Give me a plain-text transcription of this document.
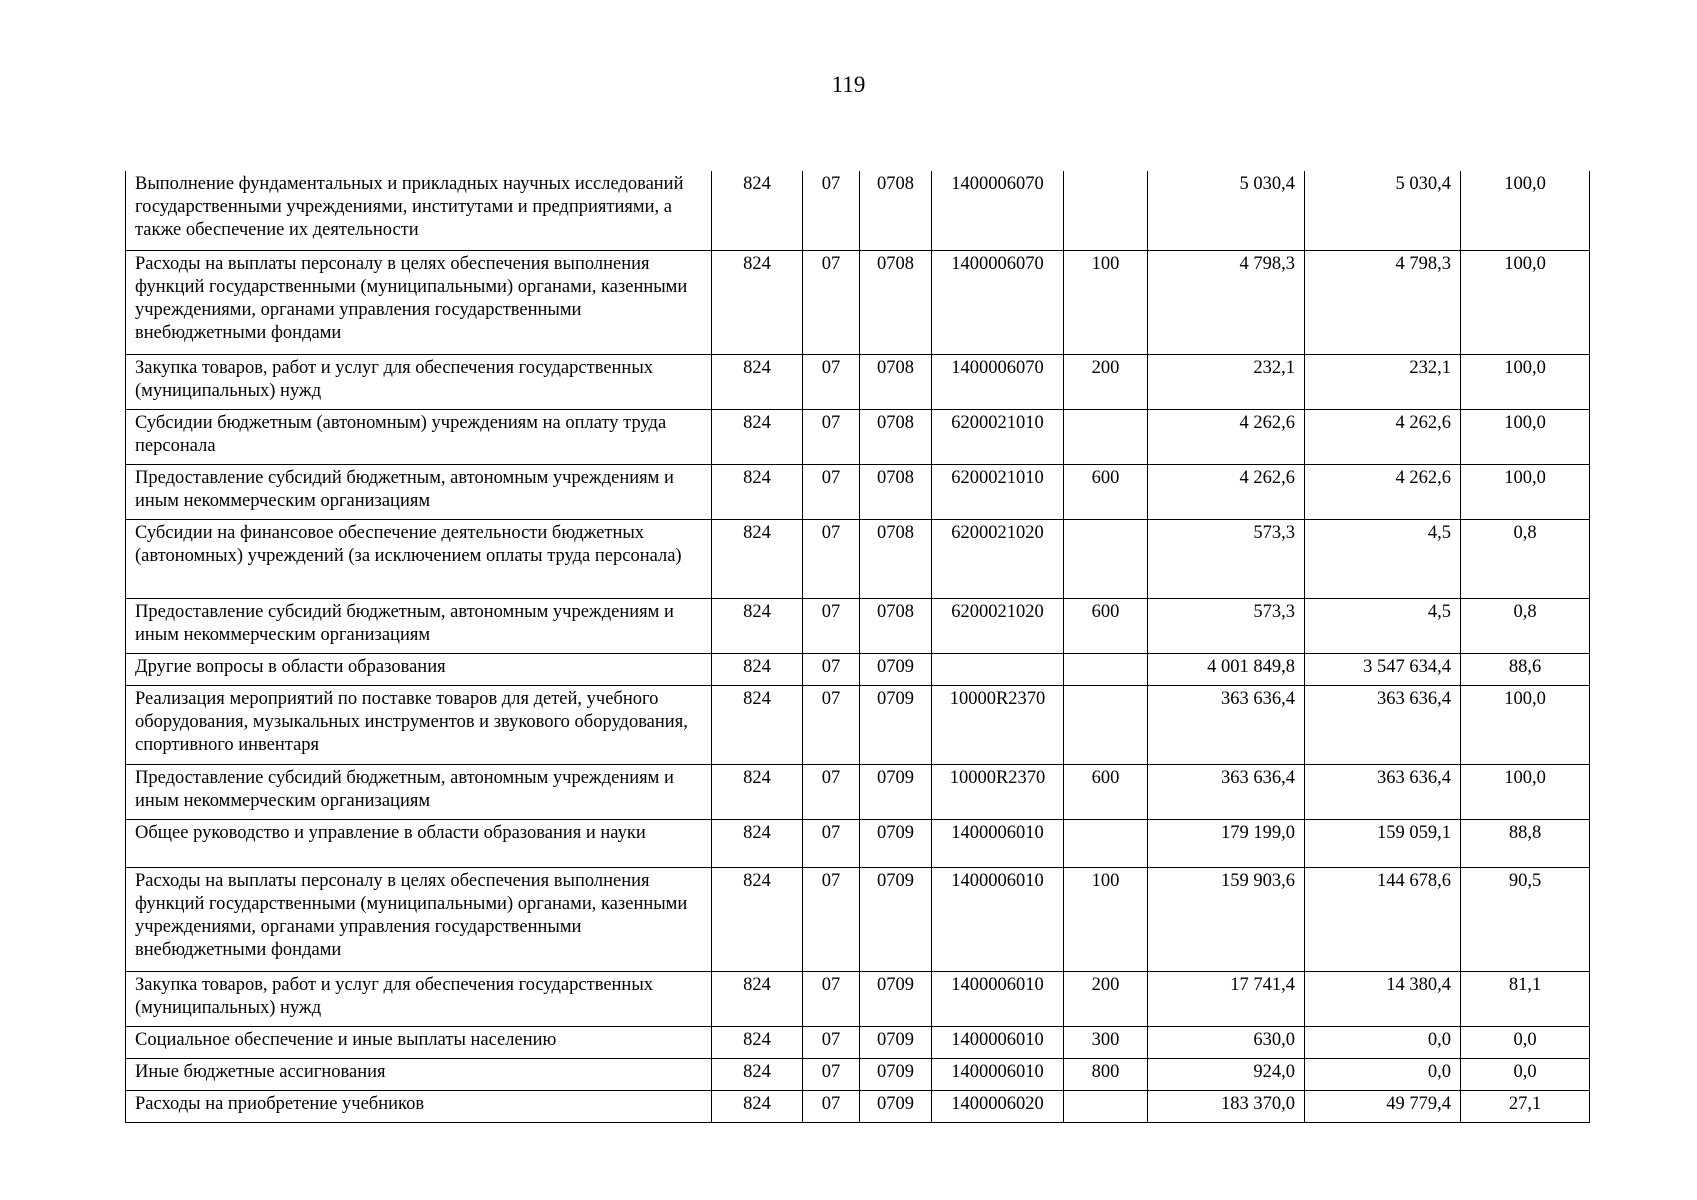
119
Выполнение фундаментальных и прикладных научных исследований государственными учреждениями, институтами и предприятиями, а также обеспечение их деятельности	824	07	0708	1400006070		5 030,4	5 030,4	100,0
Расходы на выплаты персоналу в целях обеспечения выполнения функций государственными (муниципальными) органами, казенными учреждениями, органами управления государственными внебюджетными фондами	824	07	0708	1400006070	100	4 798,3	4 798,3	100,0
Закупка товаров, работ и услуг для обеспечения государственных (муниципальных) нужд	824	07	0708	1400006070	200	232,1	232,1	100,0
Субсидии бюджетным (автономным) учреждениям на оплату труда персонала	824	07	0708	6200021010		4 262,6	4 262,6	100,0
Предоставление субсидий бюджетным, автономным учреждениям и иным некоммерческим организациям	824	07	0708	6200021010	600	4 262,6	4 262,6	100,0
Субсидии на финансовое обеспечение деятельности бюджетных (автономных) учреждений (за исключением оплаты труда персонала)	824	07	0708	6200021020		573,3	4,5	0,8
Предоставление субсидий бюджетным, автономным учреждениям и иным некоммерческим организациям	824	07	0708	6200021020	600	573,3	4,5	0,8
Другие вопросы в области образования	824	07	0709			4 001 849,8	3 547 634,4	88,6
Реализация мероприятий по поставке товаров для детей, учебного оборудования, музыкальных инструментов и звукового оборудования, спортивного инвентаря	824	07	0709	10000R2370		363 636,4	363 636,4	100,0
Предоставление субсидий бюджетным, автономным учреждениям и иным некоммерческим организациям	824	07	0709	10000R2370	600	363 636,4	363 636,4	100,0
Общее руководство и управление в области образования и науки	824	07	0709	1400006010		179 199,0	159 059,1	88,8
Расходы на выплаты персоналу в целях обеспечения выполнения функций государственными (муниципальными) органами, казенными учреждениями, органами управления государственными внебюджетными фондами	824	07	0709	1400006010	100	159 903,6	144 678,6	90,5
Закупка товаров, работ и услуг для обеспечения государственных (муниципальных) нужд	824	07	0709	1400006010	200	17 741,4	14 380,4	81,1
Социальное обеспечение и иные выплаты населению	824	07	0709	1400006010	300	630,0	0,0	0,0
Иные бюджетные ассигнования	824	07	0709	1400006010	800	924,0	0,0	0,0
Расходы на приобретение учебников	824	07	0709	1400006020		183 370,0	49 779,4	27,1
